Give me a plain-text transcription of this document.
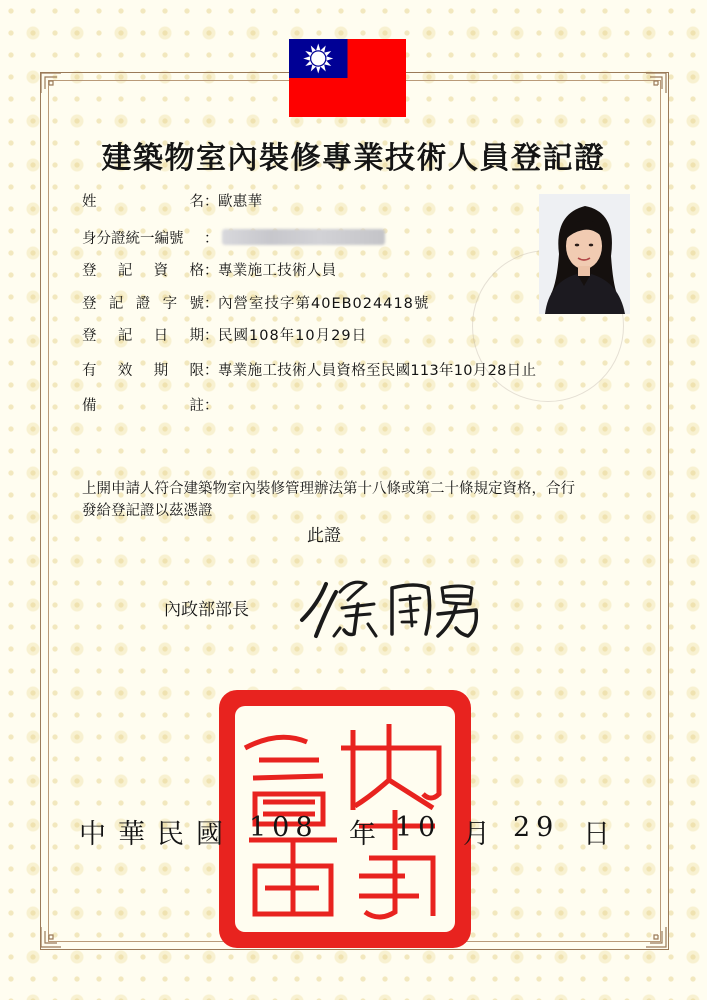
建築物室內裝修專業技術人員登記證
姓	名 ： 歐惠華
身分證統一編號	：
登 記 資 格 ： 專業施工技術人員
登 記 證 字 號 ： 內營室技字第40EB024418號
登 記 日 期 ： 民國108年10月29日
有 效 期 限 ： 專業施工技術人員資格至民國113年10月28日止
備	註 ：
上開申請人符合建築物室內裝修管理辦法第十八條或第二十條規定資格，合行
發給登記證以茲憑證
此證
內政部部長
中華民國 108 年 10 月 29 日
